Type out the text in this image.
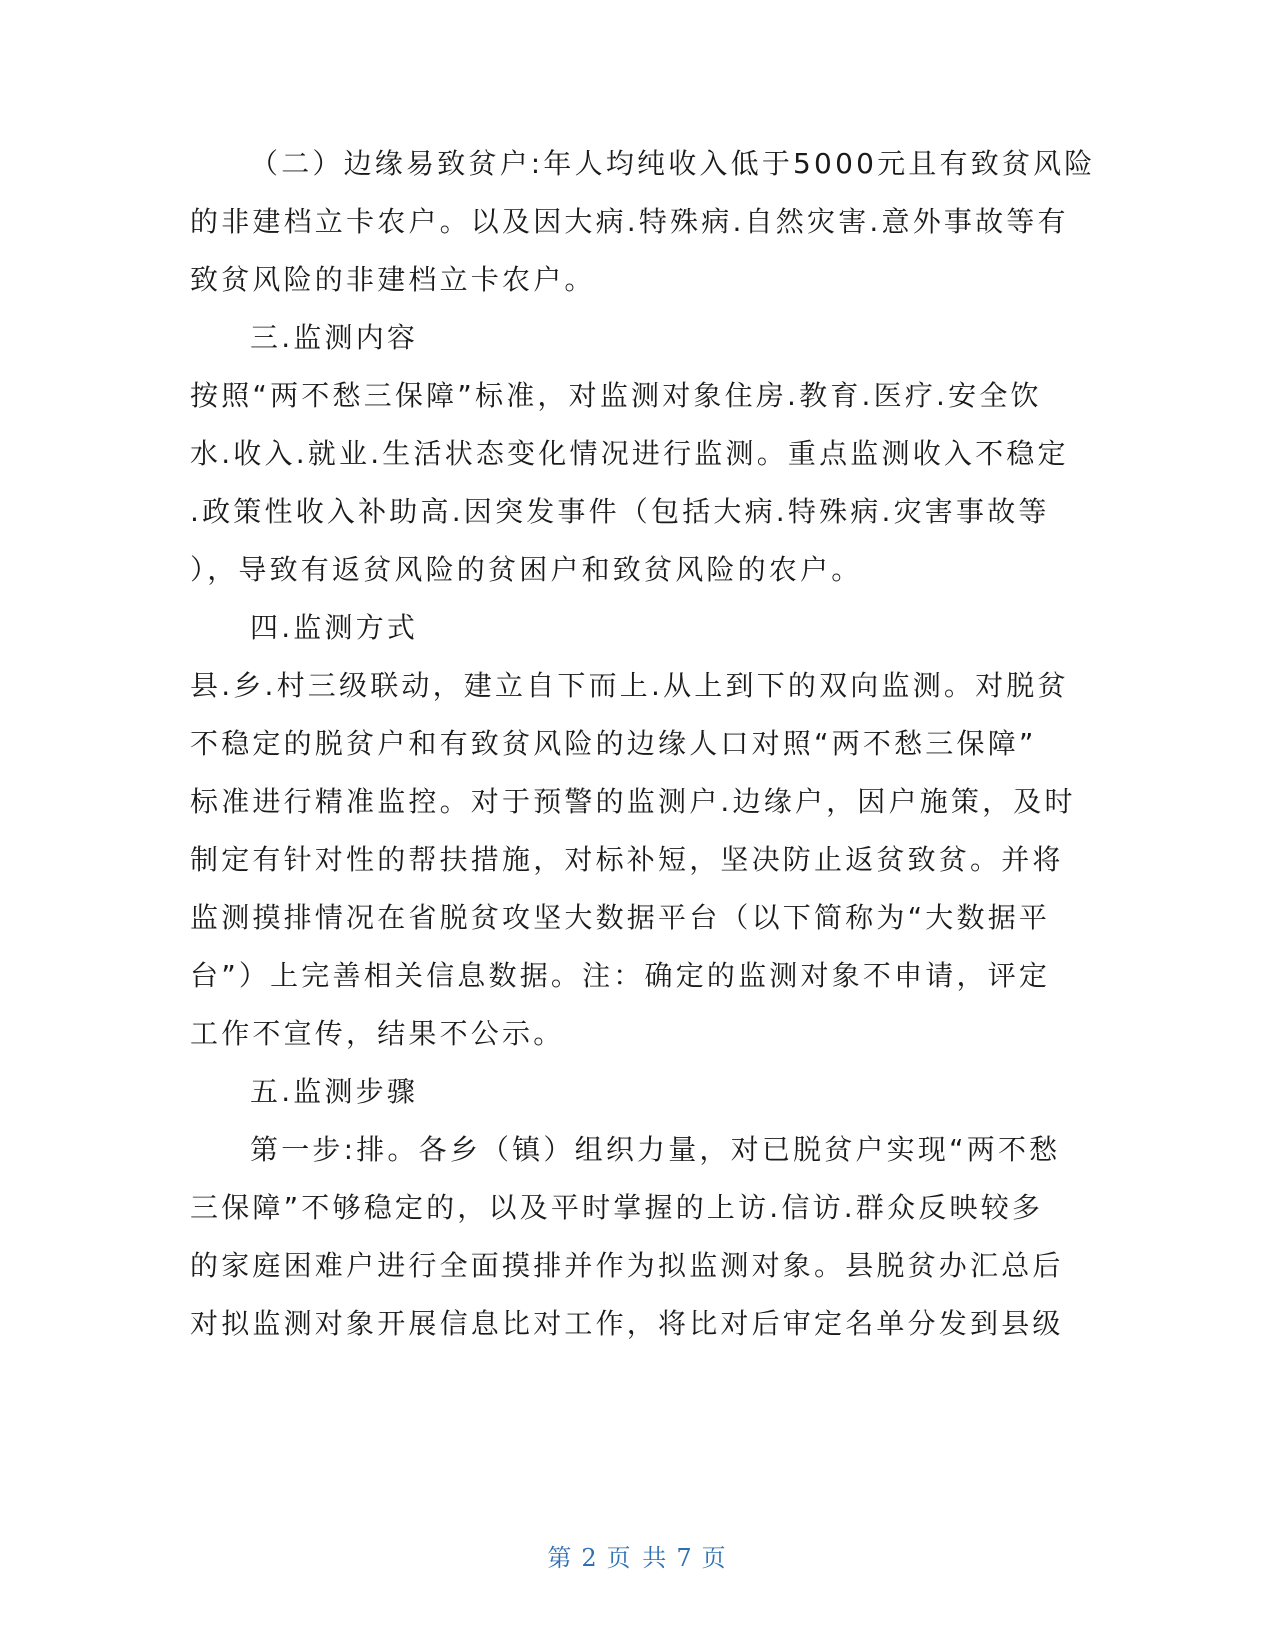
（二）边缘易致贫户:年人均纯收入低于5000元且有致贫风险
的非建档立卡农户。以及因大病.特殊病.自然灾害.意外事故等有
致贫风险的非建档立卡农户。
三.监测内容
按照“两不愁三保障”标准，对监测对象住房.教育.医疗.安全饮
水.收入.就业.生活状态变化情况进行监测。重点监测收入不稳定
.政策性收入补助高.因突发事件（包括大病.特殊病.灾害事故等
），导致有返贫风险的贫困户和致贫风险的农户。
四.监测方式
县.乡.村三级联动，建立自下而上.从上到下的双向监测。对脱贫
不稳定的脱贫户和有致贫风险的边缘人口对照“两不愁三保障”
标准进行精准监控。对于预警的监测户.边缘户，因户施策，及时
制定有针对性的帮扶措施，对标补短，坚决防止返贫致贫。并将
监测摸排情况在省脱贫攻坚大数据平台（以下简称为“大数据平
台”）上完善相关信息数据。注：确定的监测对象不申请，评定
工作不宣传，结果不公示。
五.监测步骤
第一步:排。各乡（镇）组织力量，对已脱贫户实现“两不愁
三保障”不够稳定的，以及平时掌握的上访.信访.群众反映较多
的家庭困难户进行全面摸排并作为拟监测对象。县脱贫办汇总后
对拟监测对象开展信息比对工作，将比对后审定名单分发到县级
第 2 页 共 7 页
